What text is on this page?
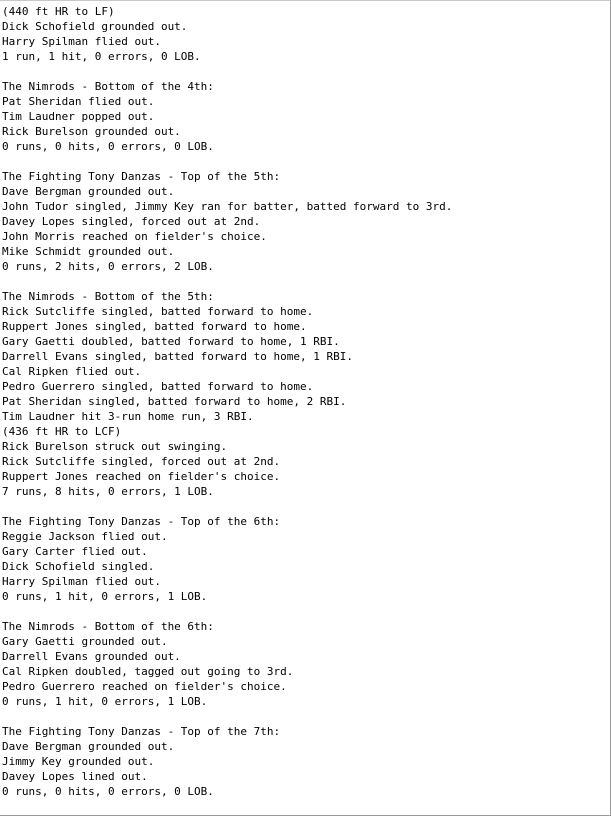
(440 ft HR to LF)
Dick Schofield grounded out.
Harry Spilman flied out.
1 run, 1 hit, 0 errors, 0 LOB.
The Nimrods - Bottom of the 4th:
Pat Sheridan flied out.
Tim Laudner popped out.
Rick Burelson grounded out.
0 runs, 0 hits, 0 errors, 0 LOB.
The Fighting Tony Danzas - Top of the 5th:
Dave Bergman grounded out.
John Tudor singled, Jimmy Key ran for batter, batted forward to 3rd.
Davey Lopes singled, forced out at 2nd.
John Morris reached on fielder's choice.
Mike Schmidt grounded out.
0 runs, 2 hits, 0 errors, 2 LOB.
The Nimrods - Bottom of the 5th:
Rick Sutcliffe singled, batted forward to home.
Ruppert Jones singled, batted forward to home.
Gary Gaetti doubled, batted forward to home, 1 RBI.
Darrell Evans singled, batted forward to home, 1 RBI.
Cal Ripken flied out.
Pedro Guerrero singled, batted forward to home.
Pat Sheridan singled, batted forward to home, 2 RBI.
Tim Laudner hit 3-run home run, 3 RBI.
(436 ft HR to LCF)
Rick Burelson struck out swinging.
Rick Sutcliffe singled, forced out at 2nd.
Ruppert Jones reached on fielder's choice.
7 runs, 8 hits, 0 errors, 1 LOB.
The Fighting Tony Danzas - Top of the 6th:
Reggie Jackson flied out.
Gary Carter flied out.
Dick Schofield singled.
Harry Spilman flied out.
0 runs, 1 hit, 0 errors, 1 LOB.
The Nimrods - Bottom of the 6th:
Gary Gaetti grounded out.
Darrell Evans grounded out.
Cal Ripken doubled, tagged out going to 3rd.
Pedro Guerrero reached on fielder's choice.
0 runs, 1 hit, 0 errors, 1 LOB.
The Fighting Tony Danzas - Top of the 7th:
Dave Bergman grounded out.
Jimmy Key grounded out.
Davey Lopes lined out.
0 runs, 0 hits, 0 errors, 0 LOB.
